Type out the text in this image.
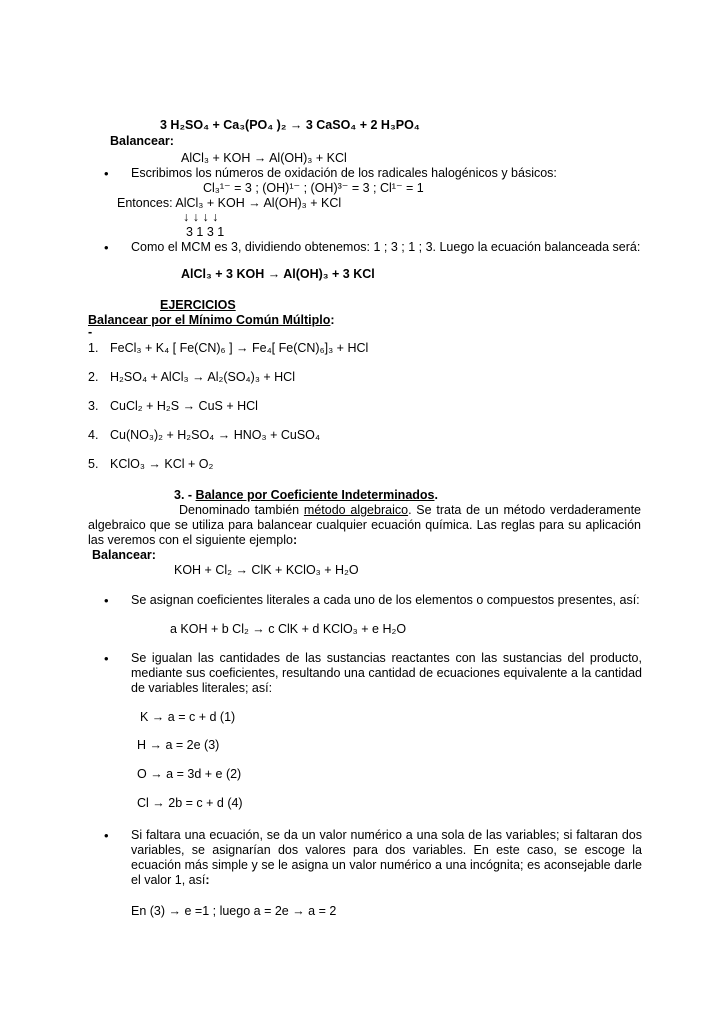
3 H₂SO₄ + Ca₃(PO₄ )₂ → 3 CaSO₄ + 2 H₃PO₄
Balancear:
AlCl₃ + KOH → Al(OH)₃ + KCl
• Escribimos los números de oxidación de los radicales halogénicos y básicos:
Cl₃¹⁻ = 3 ; (OH)¹⁻ ; (OH)³⁻ = 3 ; Cl¹⁻ = 1
Entonces: AlCl₃ + KOH → Al(OH)₃ + KCl
↓ ↓ ↓ ↓
3 1 3 1
• Como el MCM es 3, dividiendo obtenemos: 1 ; 3 ; 1 ; 3. Luego la ecuación balanceada será:
AlCl₃ + 3 KOH → Al(OH)₃ + 3 KCl
EJERCICIOS
Balancear por el Mínimo Común Múltiplo:
-
1. FeCl₃ + K₄ [ Fe(CN)₆ ] → Fe₄[ Fe(CN)₆]₃ + HCl
2. H₂SO₄ + AlCl₃ → Al₂(SO₄)₃ + HCl
3. CuCl₂ + H₂S → CuS + HCl
4. Cu(NO₃)₂ + H₂SO₄ → HNO₃ + CuSO₄
5. KClO₃ → KCl + O₂
3. - Balance por Coeficiente Indeterminados.
Denominado también método algebraico. Se trata de un método verdaderamente algebraico que se utiliza para balancear cualquier ecuación química. Las reglas para su aplicación las veremos con el siguiente ejemplo:
Balancear:
KOH + Cl₂ → ClK + KClO₃ + H₂O
• Se asignan coeficientes literales a cada uno de los elementos o compuestos presentes, así:
a KOH + b Cl₂ → c ClK + d KClO₃ + e H₂O
• Se igualan las cantidades de las sustancias reactantes con las sustancias del producto, mediante sus coeficientes, resultando una cantidad de ecuaciones equivalente a la cantidad de variables literales; así:
K → a = c + d (1)
H → a = 2e (3)
O → a = 3d + e (2)
Cl → 2b = c + d (4)
• Si faltara una ecuación, se da un valor numérico a una sola de las variables; si faltaran dos variables, se asignarían dos valores para dos variables. En este caso, se escoge la ecuación más simple y se le asigna un valor numérico a una incógnita; es aconsejable darle el valor 1, así:
En (3) → e =1 ; luego a = 2e → a = 2
